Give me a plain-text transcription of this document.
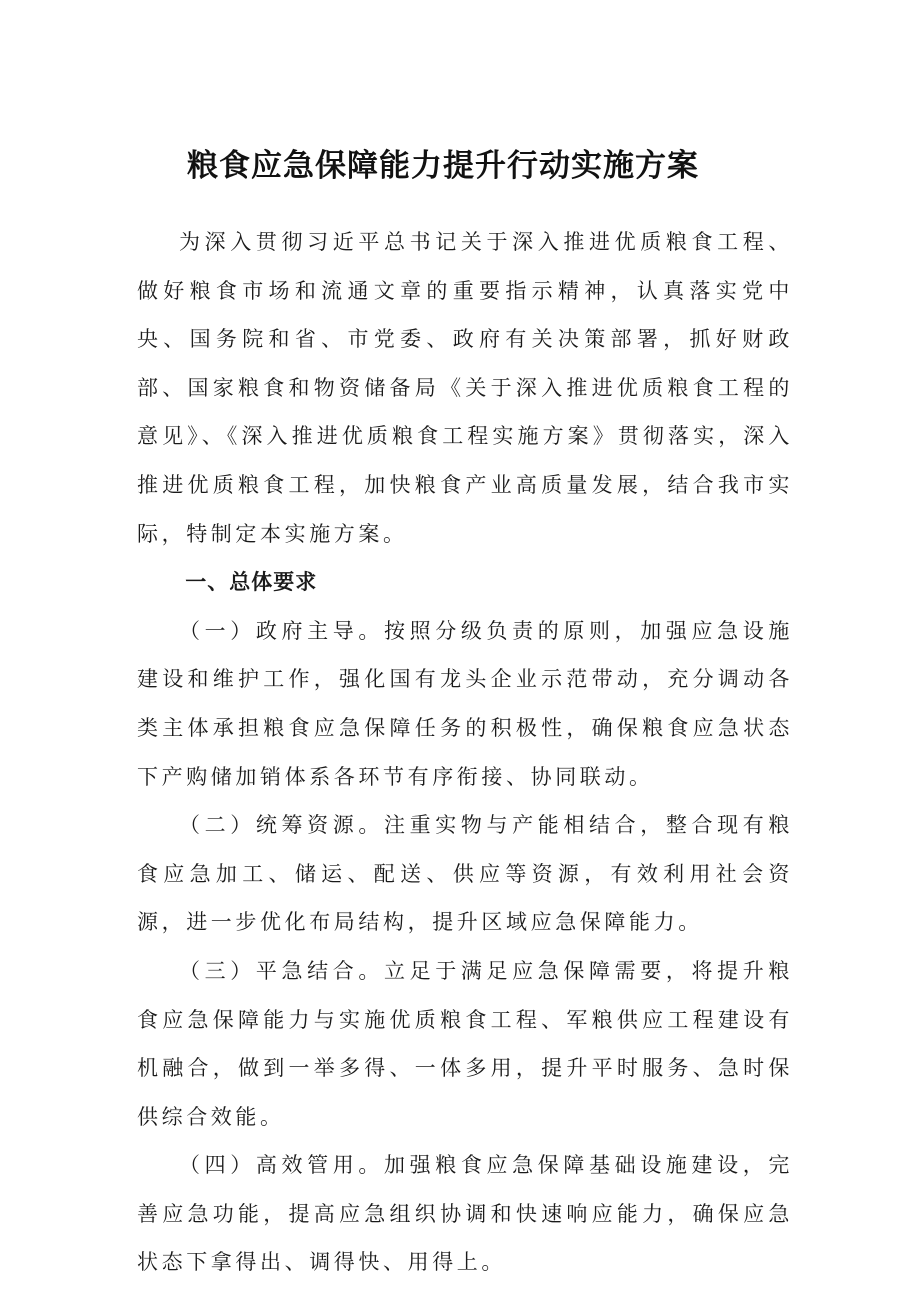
粮食应急保障能力提升行动实施方案

为深入贯彻习近平总书记关于深入推进优质粮食工程、做好粮食市场和流通文章的重要指示精神，认真落实党中央、国务院和省、市党委、政府有关决策部署，抓好财政部、国家粮食和物资储备局《关于深入推进优质粮食工程的意见》、《深入推进优质粮食工程实施方案》贯彻落实，深入推进优质粮食工程，加快粮食产业高质量发展，结合我市实际，特制定本实施方案。

一、总体要求

（一）政府主导。按照分级负责的原则，加强应急设施建设和维护工作，强化国有龙头企业示范带动，充分调动各类主体承担粮食应急保障任务的积极性，确保粮食应急状态下产购储加销体系各环节有序衔接、协同联动。

（二）统筹资源。注重实物与产能相结合，整合现有粮食应急加工、储运、配送、供应等资源，有效利用社会资源，进一步优化布局结构，提升区域应急保障能力。

（三）平急结合。立足于满足应急保障需要，将提升粮食应急保障能力与实施优质粮食工程、军粮供应工程建设有机融合，做到一举多得、一体多用，提升平时服务、急时保供综合效能。

（四）高效管用。加强粮食应急保障基础设施建设，完善应急功能，提高应急组织协调和快速响应能力，确保应急状态下拿得出、调得快、用得上。
